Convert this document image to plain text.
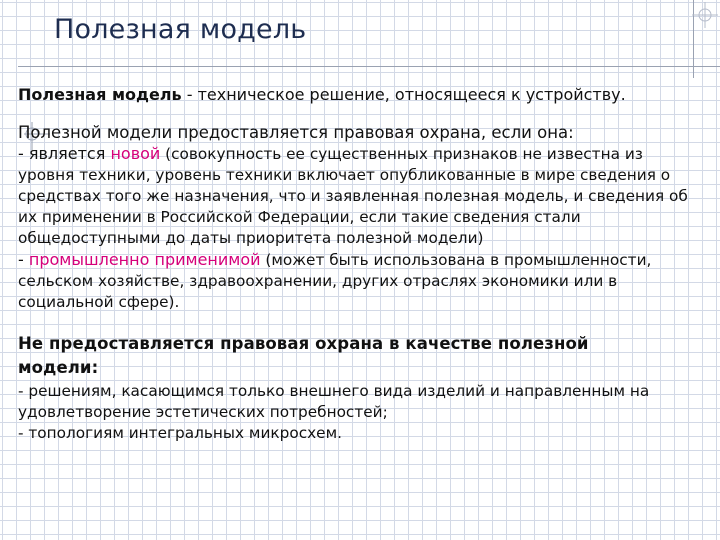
Полезная модель
Полезная модель - техническое решение, относящееся к устройству.
Полезной модели предоставляется правовая охрана, если она:
- является новой (совокупность ее существенных признаков не известна из
уровня техники, уровень техники включает опубликованные в мире сведения о
средствах того же назначения, что и заявленная полезная модель, и сведения об
их применении в Российской Федерации, если такие сведения стали
общедоступными до даты приоритета полезной модели)
- промышленно применимой (может быть использована в промышленности,
сельском хозяйстве, здравоохранении, других отраслях экономики или в
социальной сфере).
Не предоставляется правовая охрана в качестве полезной
модели:
- решениям, касающимся только внешнего вида изделий и направленным на
удовлетворение эстетических потребностей;
- топологиям интегральных микросхем.
